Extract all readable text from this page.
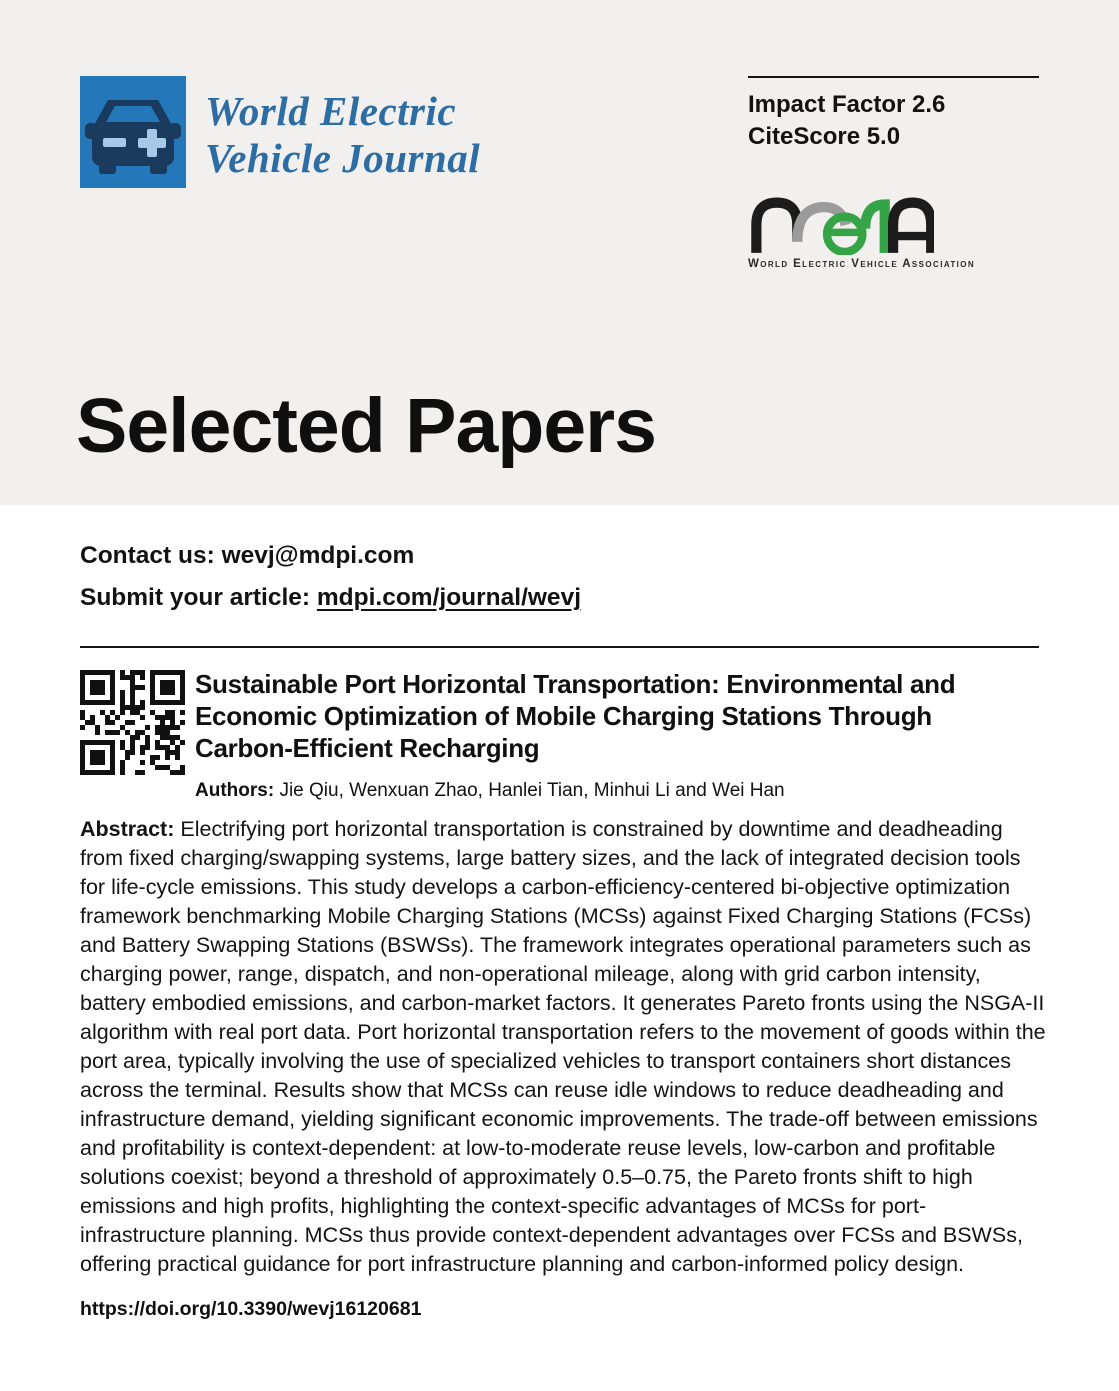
World Electric
Vehicle Journal
Impact Factor 2.6
CiteScore 5.0
World Electric Vehicle Association
Selected Papers

Contact us: wevj@mdpi.com

Submit your article: mdpi.com/journal/wevj

Sustainable Port Horizontal Transportation: Environmental and Economic Optimization of Mobile Charging Stations Through Carbon-Efficient Recharging

Authors: Jie Qiu, Wenxuan Zhao, Hanlei Tian, Minhui Li and Wei Han

Abstract: Electrifying port horizontal transportation is constrained by downtime and deadheading from fixed charging/swapping systems, large battery sizes, and the lack of integrated decision tools for life-cycle emissions. This study develops a carbon-efficiency-centered bi-objective optimization framework benchmarking Mobile Charging Stations (MCSs) against Fixed Charging Stations (FCSs) and Battery Swapping Stations (BSWSs). The framework integrates operational parameters such as charging power, range, dispatch, and non-operational mileage, along with grid carbon intensity, battery embodied emissions, and carbon-market factors. It generates Pareto fronts using the NSGA-II algorithm with real port data. Port horizontal transportation refers to the movement of goods within the port area, typically involving the use of specialized vehicles to transport containers short distances across the terminal. Results show that MCSs can reuse idle windows to reduce deadheading and infrastructure demand, yielding significant economic improvements. The trade-off between emissions and profitability is context-dependent: at low-to-moderate reuse levels, low-carbon and profitable solutions coexist; beyond a threshold of approximately 0.5–0.75, the Pareto fronts shift to high emissions and high profits, highlighting the context-specific advantages of MCSs for port-infrastructure planning. MCSs thus provide context-dependent advantages over FCSs and BSWSs, offering practical guidance for port infrastructure planning and carbon-informed policy design.

https://doi.org/10.3390/wevj16120681
